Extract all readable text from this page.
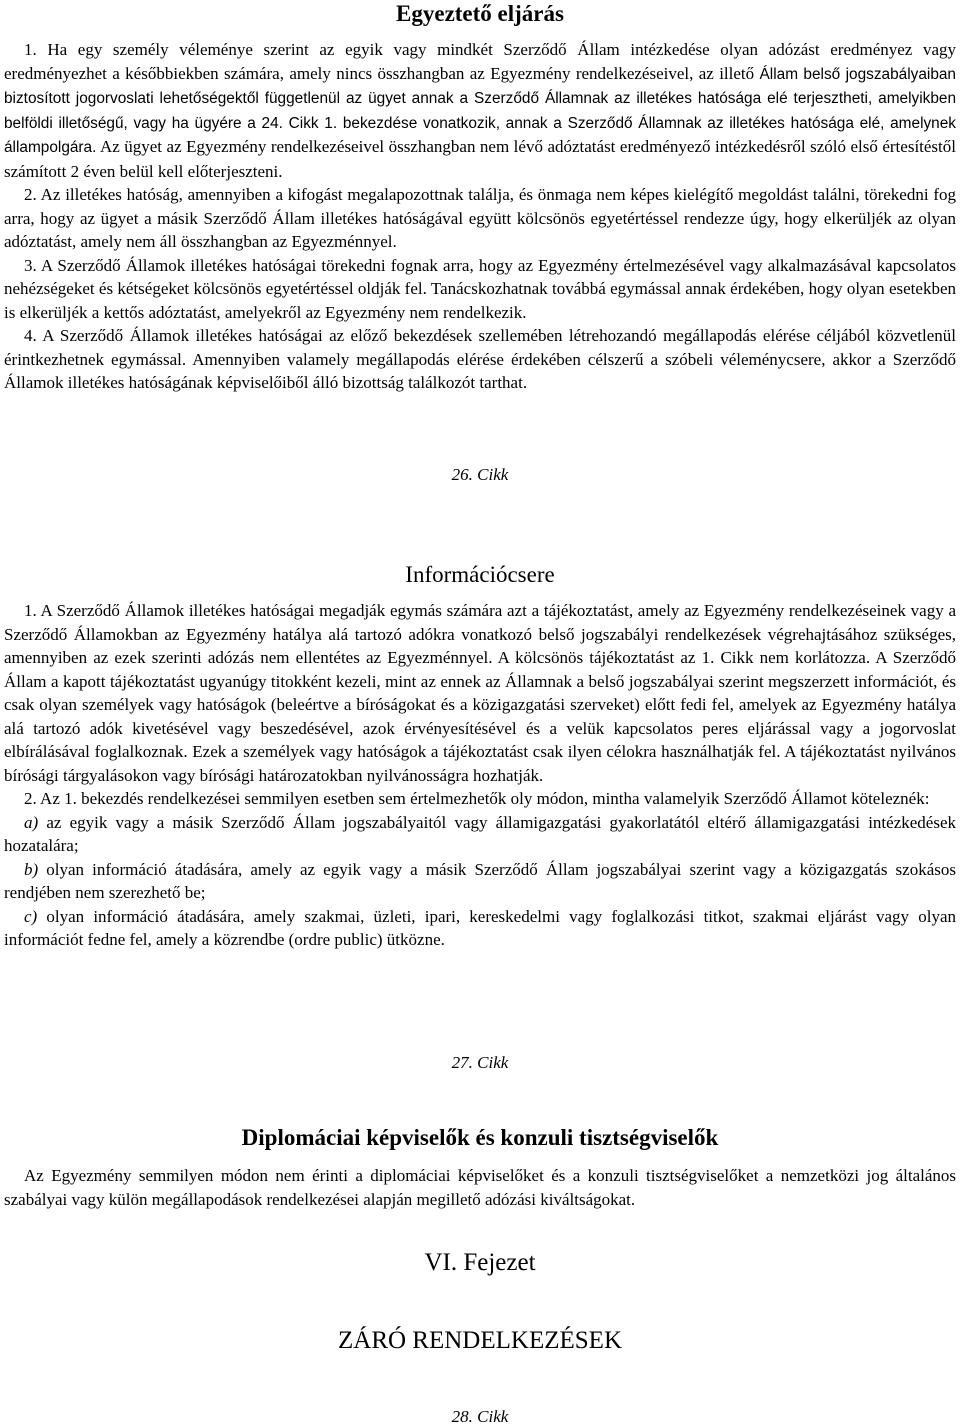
Egyeztető eljárás

1. Ha egy személy véleménye szerint az egyik vagy mindkét Szerződő Állam intézkedése olyan adózást eredményez vagy eredményezhet a későbbiekben számára, amely nincs összhangban az Egyezmény rendelkezéseivel, az illető Állam belső jogszabályaiban biztosított jogorvoslati lehetőségektől függetlenül az ügyet annak a Szerződő Államnak az illetékes hatósága elé terjesztheti, amelyikben belföldi illetőségű, vagy ha ügyére a 24. Cikk 1. bekezdése vonatkozik, annak a Szerződő Államnak az illetékes hatósága elé, amelynek állampolgára. Az ügyet az Egyezmény rendelkezéseivel összhangban nem lévő adóztatást eredményező intézkedésről szóló első értesítéstől számított 2 éven belül kell előterjeszteni.

2. Az illetékes hatóság, amennyiben a kifogást megalapozottnak találja, és önmaga nem képes kielégítő megoldást találni, törekedni fog arra, hogy az ügyet a másik Szerződő Állam illetékes hatóságával együtt kölcsönös egyetértéssel rendezze úgy, hogy elkerüljék az olyan adóztatást, amely nem áll összhangban az Egyezménnyel.

3. A Szerződő Államok illetékes hatóságai törekedni fognak arra, hogy az Egyezmény értelmezésével vagy alkalmazásával kapcsolatos nehézségeket és kétségeket kölcsönös egyetértéssel oldják fel. Tanácskozhatnak továbbá egymással annak érdekében, hogy olyan esetekben is elkerüljék a kettős adóztatást, amelyekről az Egyezmény nem rendelkezik.

4. A Szerződő Államok illetékes hatóságai az előző bekezdések szellemében létrehozandó megállapodás elérése céljából közvetlenül érintkezhetnek egymással. Amennyiben valamely megállapodás elérése érdekében célszerű a szóbeli véleménycsere, akkor a Szerződő Államok illetékes hatóságának képviselőiből álló bizottság találkozót tarthat.

26. Cikk

Információcsere

1. A Szerződő Államok illetékes hatóságai megadják egymás számára azt a tájékoztatást, amely az Egyezmény rendelkezéseinek vagy a Szerződő Államokban az Egyezmény hatálya alá tartozó adókra vonatkozó belső jogszabályi rendelkezések végrehajtásához szükséges, amennyiben az ezek szerinti adózás nem ellentétes az Egyezménnyel. A kölcsönös tájékoztatást az 1. Cikk nem korlátozza. A Szerződő Állam a kapott tájékoztatást ugyanúgy titokként kezeli, mint az ennek az Államnak a belső jogszabályai szerint megszerzett információt, és csak olyan személyek vagy hatóságok (beleértve a bíróságokat és a közigazgatási szerveket) előtt fedi fel, amelyek az Egyezmény hatálya alá tartozó adók kivetésével vagy beszedésével, azok érvényesítésével és a velük kapcsolatos peres eljárással vagy a jogorvoslat elbírálásával foglalkoznak. Ezek a személyek vagy hatóságok a tájékoztatást csak ilyen célokra használhatják fel. A tájékoztatást nyilvános bírósági tárgyalásokon vagy bírósági határozatokban nyilvánosságra hozhatják.

2. Az 1. bekezdés rendelkezései semmilyen esetben sem értelmezhetők oly módon, mintha valamelyik Szerződő Államot köteleznék:

a) az egyik vagy a másik Szerződő Állam jogszabályaitól vagy államigazgatási gyakorlatától eltérő államigazgatási intézkedések hozatalára;

b) olyan információ átadására, amely az egyik vagy a másik Szerződő Állam jogszabályai szerint vagy a közigazgatás szokásos rendjében nem szerezhető be;

c) olyan információ átadására, amely szakmai, üzleti, ipari, kereskedelmi vagy foglalkozási titkot, szakmai eljárást vagy olyan információt fedne fel, amely a közrendbe (ordre public) ütközne.

27. Cikk

Diplomáciai képviselők és konzuli tisztségviselők

Az Egyezmény semmilyen módon nem érinti a diplomáciai képviselőket és a konzuli tisztségviselőket a nemzetközi jog általános szabályai vagy külön megállapodások rendelkezései alapján megillető adózási kiváltságokat.

VI. Fejezet
ZÁRÓ RENDELKEZÉSEK

28. Cikk
